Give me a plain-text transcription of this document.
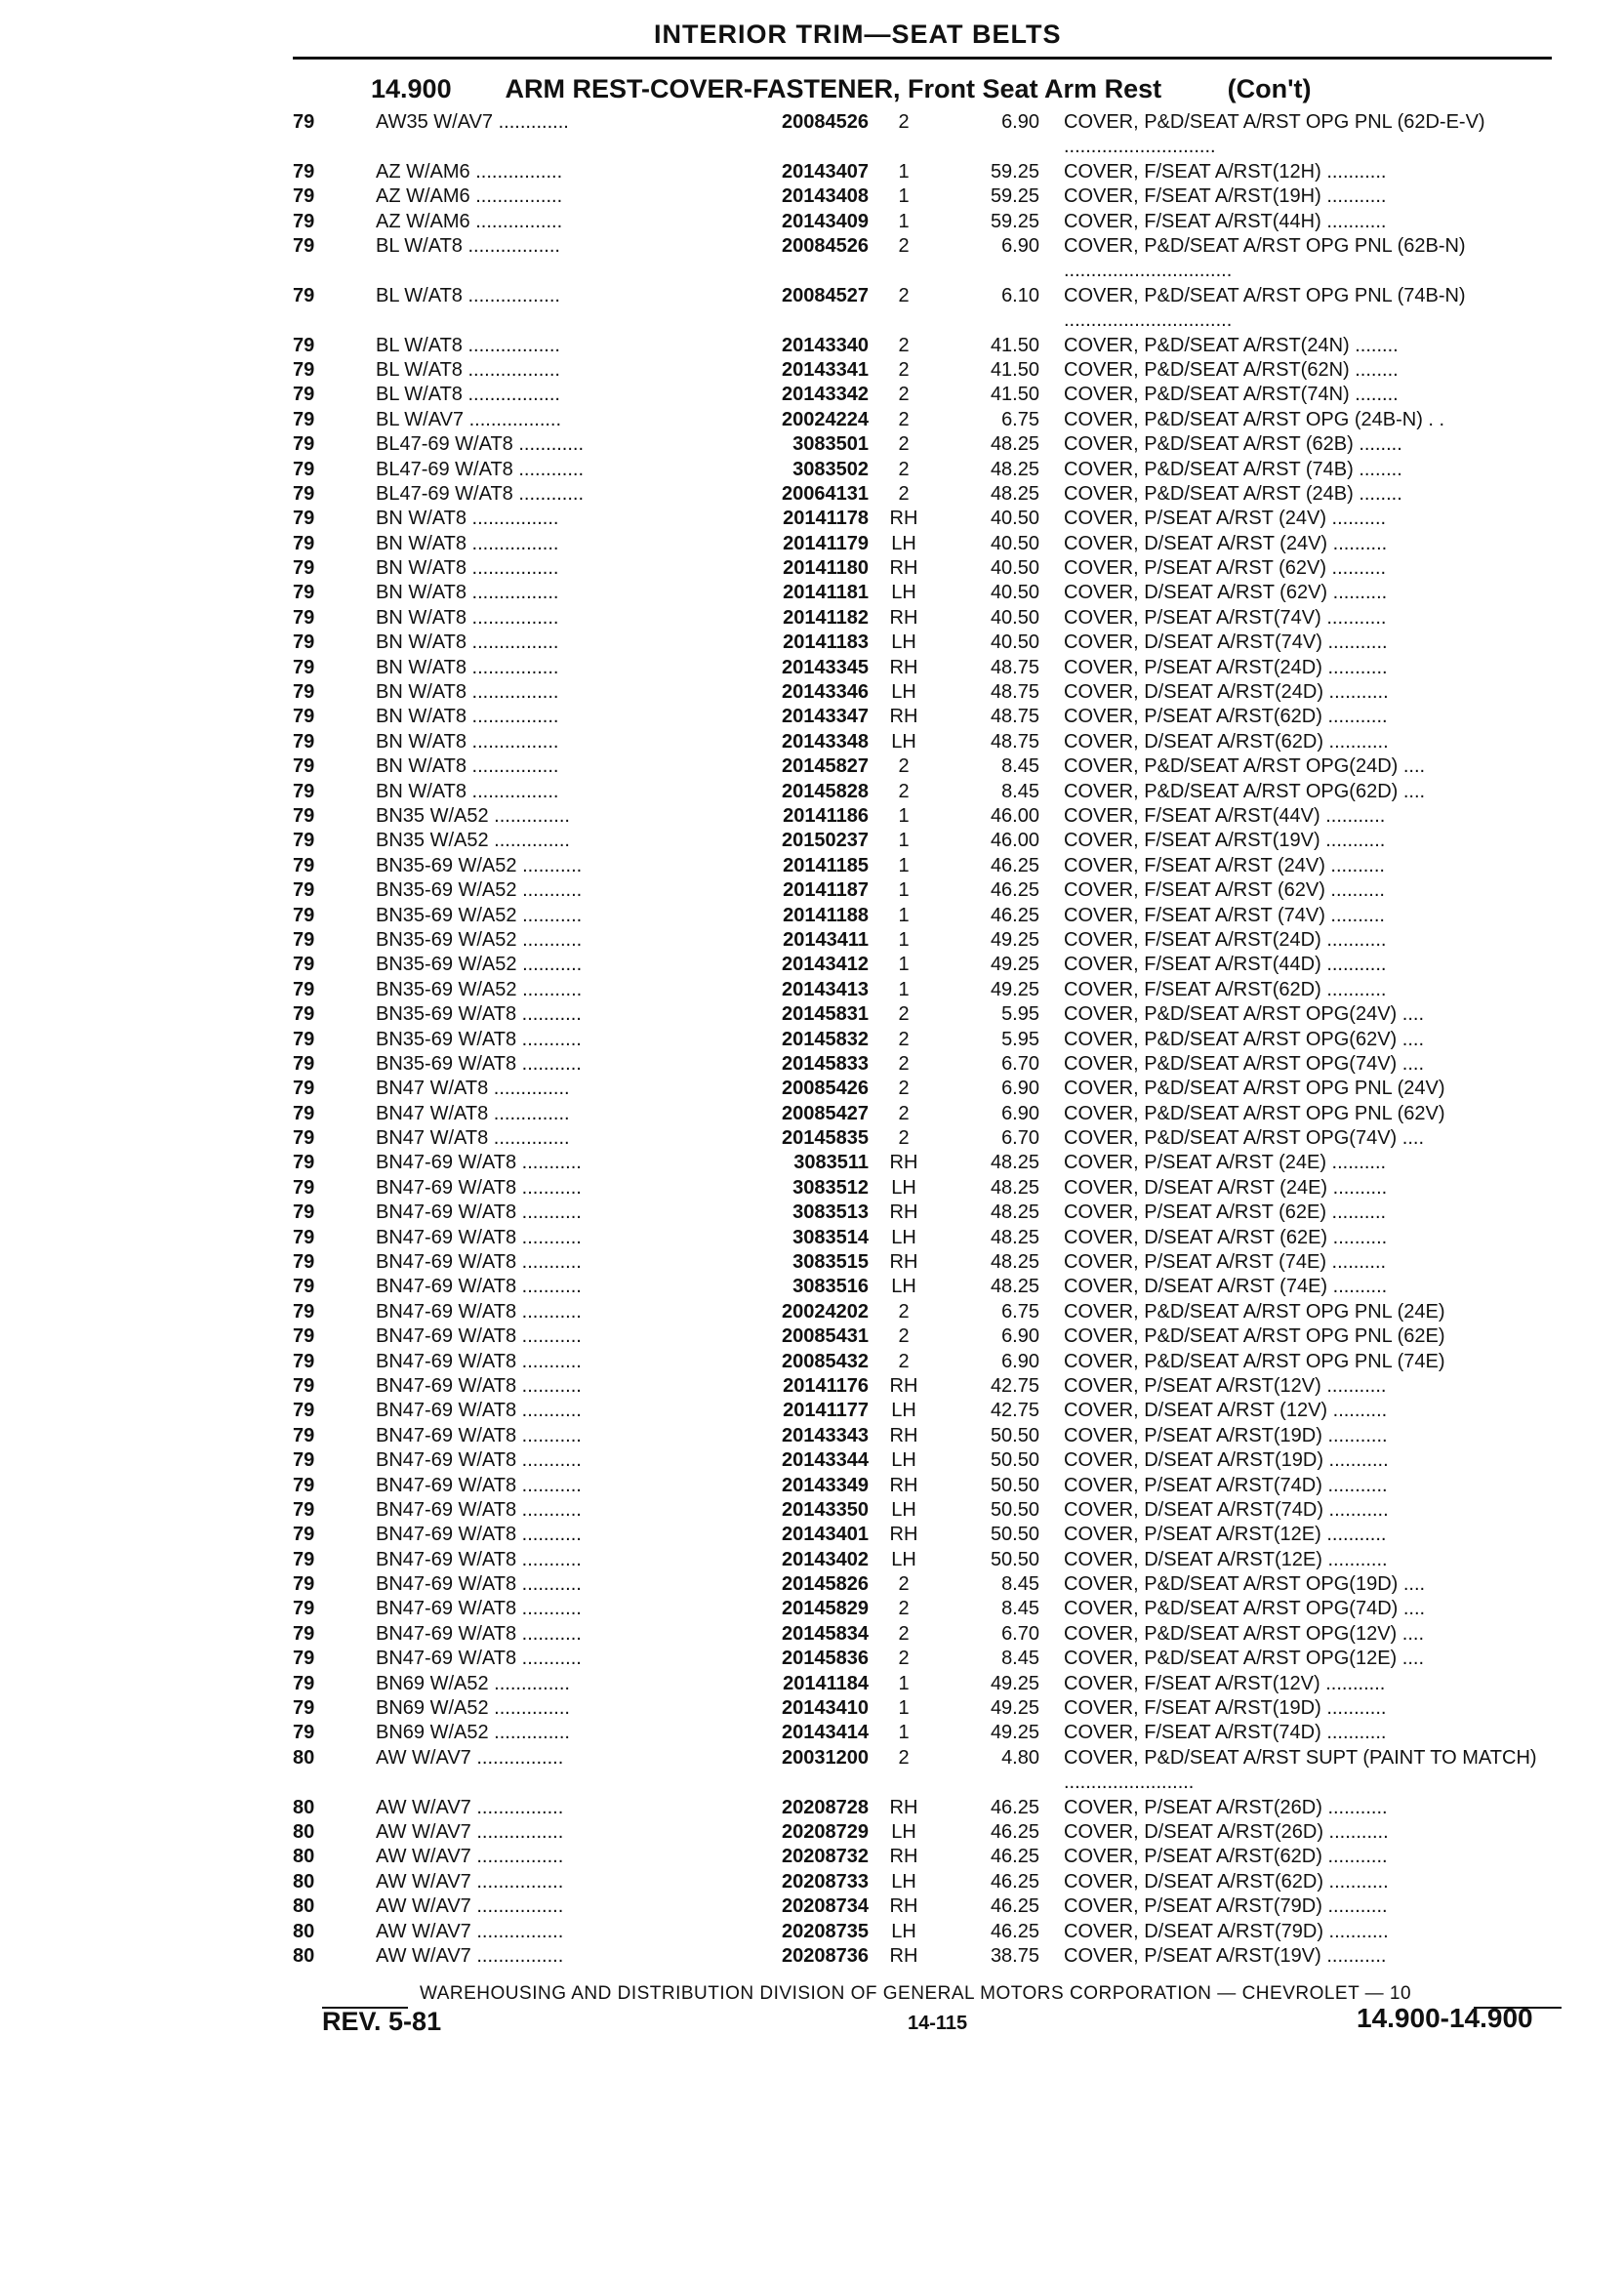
INTERIOR TRIM—SEAT BELTS
14.900 ARM REST-COVER-FASTENER, Front Seat Arm Rest	(Con't)
79	AW35 W/AV7 .............	20084526	2	6.90 COVER, P&D/SEAT A/RST OPG PNL (62D-E-V) ............................
79	AZ W/AM6 ................	20143407	1	59.25 COVER, F/SEAT A/RST(12H) ...........
79	AZ W/AM6 ................	20143408	1	59.25 COVER, F/SEAT A/RST(19H) ...........
79	AZ W/AM6 ................	20143409	1	59.25 COVER, F/SEAT A/RST(44H) ...........
79	BL W/AT8 .................	20084526	2	6.90 COVER, P&D/SEAT A/RST OPG PNL (62B-N) ...............................
79	BL W/AT8 .................	20084527	2	6.10 COVER, P&D/SEAT A/RST OPG PNL (74B-N) ...............................
79	BL W/AT8 .................	20143340	2	41.50 COVER, P&D/SEAT A/RST(24N) ........
79	BL W/AT8 .................	20143341	2	41.50 COVER, P&D/SEAT A/RST(62N) ........
79	BL W/AT8 .................	20143342	2	41.50 COVER, P&D/SEAT A/RST(74N) ........
79	BL W/AV7 .................	20024224	2	6.75 COVER, P&D/SEAT A/RST OPG (24B-N) . .
79	BL47-69 W/AT8 ............	3083501	2	48.25 COVER, P&D/SEAT A/RST (62B) ........
79	BL47-69 W/AT8 ............	3083502	2	48.25 COVER, P&D/SEAT A/RST (74B) ........
79	BL47-69 W/AT8 ............	20064131	2	48.25 COVER, P&D/SEAT A/RST (24B) ........
79	BN W/AT8 ................	20141178	RH	40.50 COVER, P/SEAT A/RST (24V) ..........
79	BN W/AT8 ................	20141179	LH	40.50 COVER, D/SEAT A/RST (24V) ..........
79	BN W/AT8 ................	20141180	RH	40.50 COVER, P/SEAT A/RST (62V) ..........
79	BN W/AT8 ................	20141181	LH	40.50 COVER, D/SEAT A/RST (62V) ..........
79	BN W/AT8 ................	20141182	RH	40.50 COVER, P/SEAT A/RST(74V) ...........
79	BN W/AT8 ................	20141183	LH	40.50 COVER, D/SEAT A/RST(74V) ...........
79	BN W/AT8 ................	20143345	RH	48.75 COVER, P/SEAT A/RST(24D) ...........
79	BN W/AT8 ................	20143346	LH	48.75 COVER, D/SEAT A/RST(24D) ...........
79	BN W/AT8 ................	20143347	RH	48.75 COVER, P/SEAT A/RST(62D) ...........
79	BN W/AT8 ................	20143348	LH	48.75 COVER, D/SEAT A/RST(62D) ...........
79	BN W/AT8 ................	20145827	2	8.45 COVER, P&D/SEAT A/RST OPG(24D) ....
79	BN W/AT8 ................	20145828	2	8.45 COVER, P&D/SEAT A/RST OPG(62D) ....
79	BN35 W/A52 ..............	20141186	1	46.00 COVER, F/SEAT A/RST(44V) ...........
79	BN35 W/A52 ..............	20150237	1	46.00 COVER, F/SEAT A/RST(19V) ...........
79	BN35-69 W/A52 ...........	20141185	1	46.25 COVER, F/SEAT A/RST (24V) ..........
79	BN35-69 W/A52 ...........	20141187	1	46.25 COVER, F/SEAT A/RST (62V) ..........
79	BN35-69 W/A52 ...........	20141188	1	46.25 COVER, F/SEAT A/RST (74V) ..........
79	BN35-69 W/A52 ...........	20143411	1	49.25 COVER, F/SEAT A/RST(24D) ...........
79	BN35-69 W/A52 ...........	20143412	1	49.25 COVER, F/SEAT A/RST(44D) ...........
79	BN35-69 W/A52 ...........	20143413	1	49.25 COVER, F/SEAT A/RST(62D) ...........
79	BN35-69 W/AT8 ...........	20145831	2	5.95 COVER, P&D/SEAT A/RST OPG(24V) ....
79	BN35-69 W/AT8 ...........	20145832	2	5.95 COVER, P&D/SEAT A/RST OPG(62V) ....
79	BN35-69 W/AT8 ...........	20145833	2	6.70 COVER, P&D/SEAT A/RST OPG(74V) ....
79	BN47 W/AT8 ..............	20085426	2	6.90 COVER, P&D/SEAT A/RST OPG PNL (24V)
79	BN47 W/AT8 ..............	20085427	2	6.90 COVER, P&D/SEAT A/RST OPG PNL (62V)
79	BN47 W/AT8 ..............	20145835	2	6.70 COVER, P&D/SEAT A/RST OPG(74V) ....
79	BN47-69 W/AT8 ...........	3083511	RH	48.25 COVER, P/SEAT A/RST (24E) ..........
79	BN47-69 W/AT8 ...........	3083512	LH	48.25 COVER, D/SEAT A/RST (24E) ..........
79	BN47-69 W/AT8 ...........	3083513	RH	48.25 COVER, P/SEAT A/RST (62E) ..........
79	BN47-69 W/AT8 ...........	3083514	LH	48.25 COVER, D/SEAT A/RST (62E) ..........
79	BN47-69 W/AT8 ...........	3083515	RH	48.25 COVER, P/SEAT A/RST (74E) ..........
79	BN47-69 W/AT8 ...........	3083516	LH	48.25 COVER, D/SEAT A/RST (74E) ..........
79	BN47-69 W/AT8 ...........	20024202	2	6.75 COVER, P&D/SEAT A/RST OPG PNL (24E)
79	BN47-69 W/AT8 ...........	20085431	2	6.90 COVER, P&D/SEAT A/RST OPG PNL (62E)
79	BN47-69 W/AT8 ...........	20085432	2	6.90 COVER, P&D/SEAT A/RST OPG PNL (74E)
79	BN47-69 W/AT8 ...........	20141176	RH	42.75 COVER, P/SEAT A/RST(12V) ...........
79	BN47-69 W/AT8 ...........	20141177	LH	42.75 COVER, D/SEAT A/RST (12V) ..........
79	BN47-69 W/AT8 ...........	20143343	RH	50.50 COVER, P/SEAT A/RST(19D) ...........
79	BN47-69 W/AT8 ...........	20143344	LH	50.50 COVER, D/SEAT A/RST(19D) ...........
79	BN47-69 W/AT8 ...........	20143349	RH	50.50 COVER, P/SEAT A/RST(74D) ...........
79	BN47-69 W/AT8 ...........	20143350	LH	50.50 COVER, D/SEAT A/RST(74D) ...........
79	BN47-69 W/AT8 ...........	20143401	RH	50.50 COVER, P/SEAT A/RST(12E) ...........
79	BN47-69 W/AT8 ...........	20143402	LH	50.50 COVER, D/SEAT A/RST(12E) ...........
79	BN47-69 W/AT8 ...........	20145826	2	8.45 COVER, P&D/SEAT A/RST OPG(19D) ....
79	BN47-69 W/AT8 ...........	20145829	2	8.45 COVER, P&D/SEAT A/RST OPG(74D) ....
79	BN47-69 W/AT8 ...........	20145834	2	6.70 COVER, P&D/SEAT A/RST OPG(12V) ....
79	BN47-69 W/AT8 ...........	20145836	2	8.45 COVER, P&D/SEAT A/RST OPG(12E) ....
79	BN69 W/A52 ..............	20141184	1	49.25 COVER, F/SEAT A/RST(12V) ...........
79	BN69 W/A52 ..............	20143410	1	49.25 COVER, F/SEAT A/RST(19D) ...........
79	BN69 W/A52 ..............	20143414	1	49.25 COVER, F/SEAT A/RST(74D) ...........
80	AW W/AV7 ................	20031200	2	4.80 COVER, P&D/SEAT A/RST SUPT (PAINT TO MATCH) ........................
80	AW W/AV7 ................	20208728	RH	46.25 COVER, P/SEAT A/RST(26D) ...........
80	AW W/AV7 ................	20208729	LH	46.25 COVER, D/SEAT A/RST(26D) ...........
80	AW W/AV7 ................	20208732	RH	46.25 COVER, P/SEAT A/RST(62D) ...........
80	AW W/AV7 ................	20208733	LH	46.25 COVER, D/SEAT A/RST(62D) ...........
80	AW W/AV7 ................	20208734	RH	46.25 COVER, P/SEAT A/RST(79D) ...........
80	AW W/AV7 ................	20208735	LH	46.25 COVER, D/SEAT A/RST(79D) ...........
80	AW W/AV7 ................	20208736	RH	38.75 COVER, P/SEAT A/RST(19V) ...........
WAREHOUSING AND DISTRIBUTION DIVISION OF GENERAL MOTORS CORPORATION — CHEVROLET — 10
REV. 5-81	14-115	14.900-14.900
